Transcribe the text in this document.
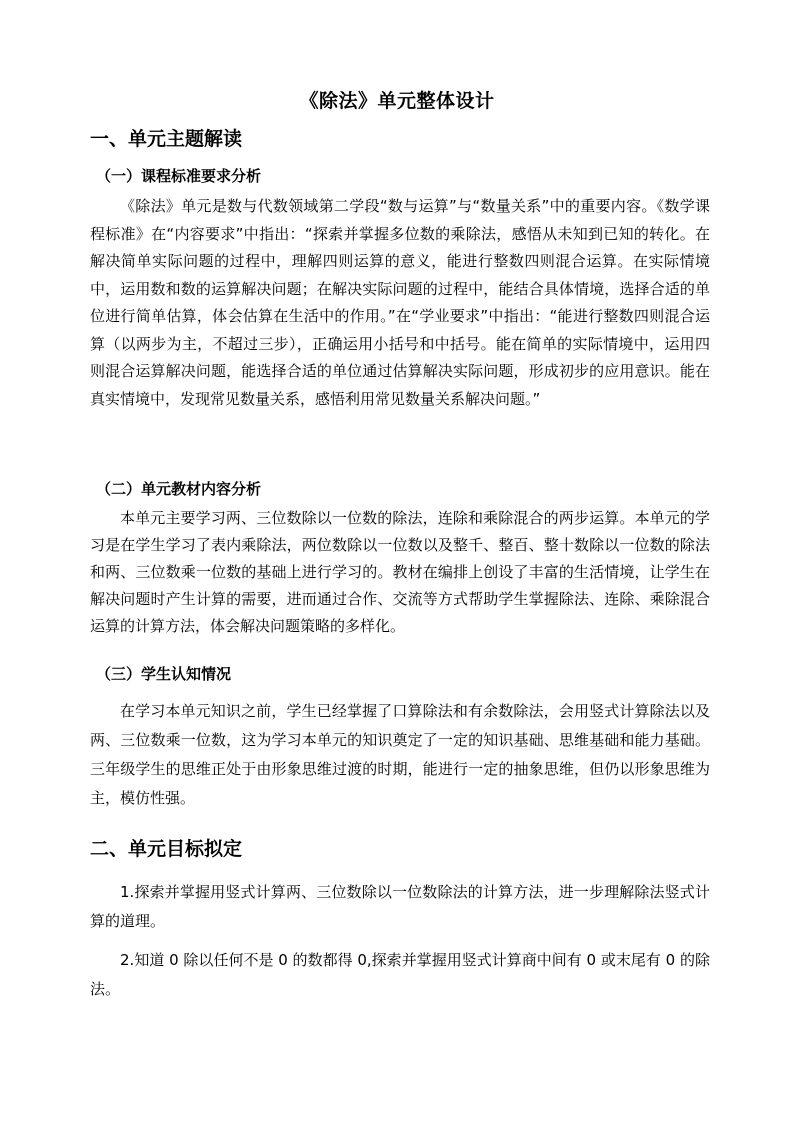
《除法》单元整体设计
一、单元主题解读
（一）课程标准要求分析

《除法》单元是数与代数领域第二学段“数与运算”与“数量关系”中的重要内容。《数学课程标准》在“内容要求”中指出：“探索并掌握多位数的乘除法，感悟从未知到已知的转化。在解决简单实际问题的过程中，理解四则运算的意义，能进行整数四则混合运算。在实际情境中，运用数和数的运算解决问题；在解决实际问题的过程中，能结合具体情境，选择合适的单位进行简单估算，体会估算在生活中的作用。”在“学业要求”中指出：“能进行整数四则混合运算（以两步为主，不超过三步），正确运用小括号和中括号。能在简单的实际情境中，运用四则混合运算解决问题，能选择合适的单位通过估算解决实际问题，形成初步的应用意识。能在真实情境中，发现常见数量关系，感悟利用常见数量关系解决问题。”

（二）单元教材内容分析

本单元主要学习两、三位数除以一位数的除法，连除和乘除混合的两步运算。本单元的学习是在学生学习了表内乘除法，两位数除以一位数以及整千、整百、整十数除以一位数的除法和两、三位数乘一位数的基础上进行学习的。教材在编排上创设了丰富的生活情境，让学生在解决问题时产生计算的需要，进而通过合作、交流等方式帮助学生掌握除法、连除、乘除混合运算的计算方法，体会解决问题策略的多样化。

（三）学生认知情况

在学习本单元知识之前，学生已经掌握了口算除法和有余数除法，会用竖式计算除法以及两、三位数乘一位数，这为学习本单元的知识奠定了一定的知识基础、思维基础和能力基础。三年级学生的思维正处于由形象思维过渡的时期，能进行一定的抽象思维，但仍以形象思维为主，模仿性强。

二、单元目标拟定

1.探索并掌握用竖式计算两、三位数除以一位数除法的计算方法，进一步理解除法竖式计算的道理。

2.知道 0 除以任何不是 0 的数都得 0,探索并掌握用竖式计算商中间有 0 或末尾有 0 的除法。
